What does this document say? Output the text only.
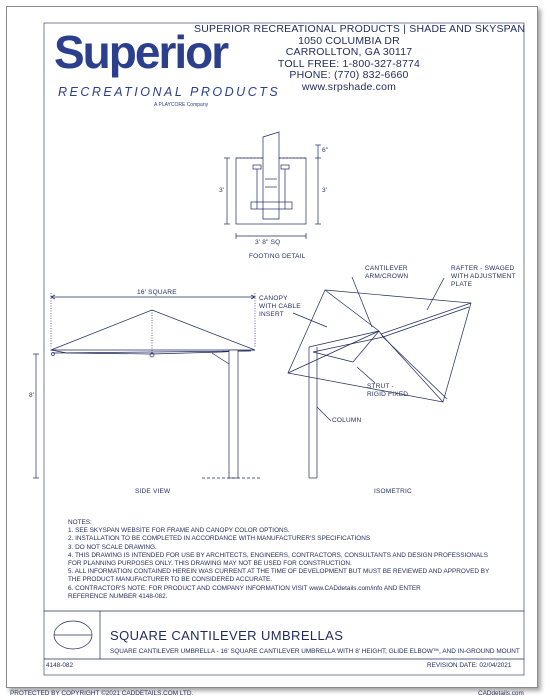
Superior
RECREATIONAL PRODUCTS
A PLAYCORE Company
SUPERIOR RECREATIONAL PRODUCTS | SHADE AND SKYSPAN
1050 COLUMBIA DR
CARROLLTON, GA 30117
TOLL FREE: 1-800-327-8774
PHONE: (770) 832-6660
www.srpshade.com
6"
3'	3'
3' 8" SQ
FOOTING DETAIL
16' SQUARE
8'
SIDE VIEW
CANTILEVER
ARM/CROWN
RAFTER - SWAGED
WITH ADJUSTMENT
PLATE
CANOPY
WITH CABLE
INSERT
STRUT -
RIGID FIXED
COLUMN
ISOMETRIC
NOTES:
1. SEE SKYSPAN WEBSITE FOR FRAME AND CANOPY COLOR OPTIONS.
2. INSTALLATION TO BE COMPLETED IN ACCORDANCE WITH MANUFACTURER'S SPECIFICATIONS
3. DO NOT SCALE DRAWING.
4. THIS DRAWING IS INTENDED FOR USE BY ARCHITECTS, ENGINEERS, CONTRACTORS, CONSULTANTS AND DESIGN PROFESSIONALS
FOR PLANNING PURPOSES ONLY. THIS DRAWING MAY NOT BE USED FOR CONSTRUCTION.
5. ALL INFORMATION CONTAINED HEREIN WAS CURRENT AT THE TIME OF DEVELOPMENT BUT MUST BE REVIEWED AND APPROVED BY
THE PRODUCT MANUFACTURER TO BE CONSIDERED ACCURATE.
6. CONTRACTOR'S NOTE: FOR PRODUCT AND COMPANY INFORMATION VISIT www.CADdetails.com/info AND ENTER
REFERENCE NUMBER 4148-082.
SQUARE CANTILEVER UMBRELLAS
SQUARE CANTILEVER UMBRELLA - 16' SQUARE CANTILEVER UMBRELLA WITH 8' HEIGHT, GLIDE ELBOW™, AND IN-GROUND MOUNT
4148-082	REVISION DATE: 02/04/2021
PROTECTED BY COPYRIGHT ©2021 CADDETAILS.COM LTD.	CADdetails.com
